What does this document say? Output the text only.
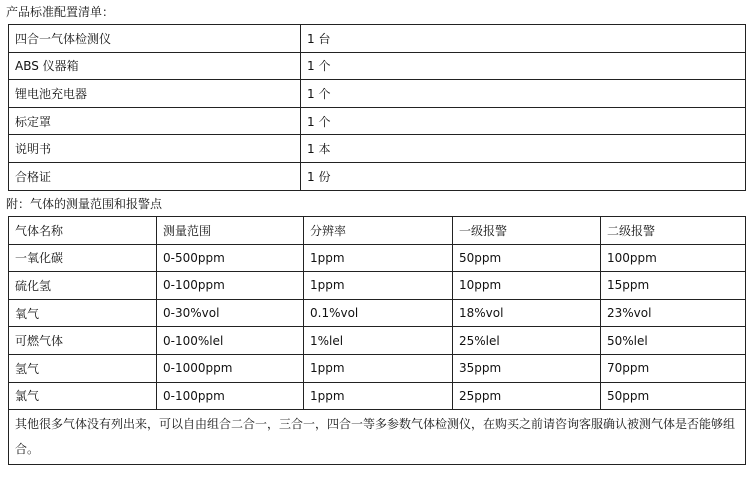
产品标准配置清单：
四合一气体检测仪	1 台
ABS 仪器箱	1 个
锂电池充电器	1 个
标定罩	1 个
说明书	1 本
合格证	1 份
附：气体的测量范围和报警点
气体名称	测量范围	分辨率	一级报警	二级报警
一氧化碳	0-500ppm	1ppm	50ppm	100ppm
硫化氢	0-100ppm	1ppm	10ppm	15ppm
氧气	0-30%vol	0.1%vol	18%vol	23%vol
可燃气体	0-100%lel	1%lel	25%lel	50%lel
氢气	0-1000ppm	1ppm	35ppm	70ppm
氯气	0-100ppm	1ppm	25ppm	50ppm
其他很多气体没有列出来，可以自由组合二合一，三合一，四合一等多参数气体检测仪，在购买之前请咨询客服确认被测气体是否能够组合。				
